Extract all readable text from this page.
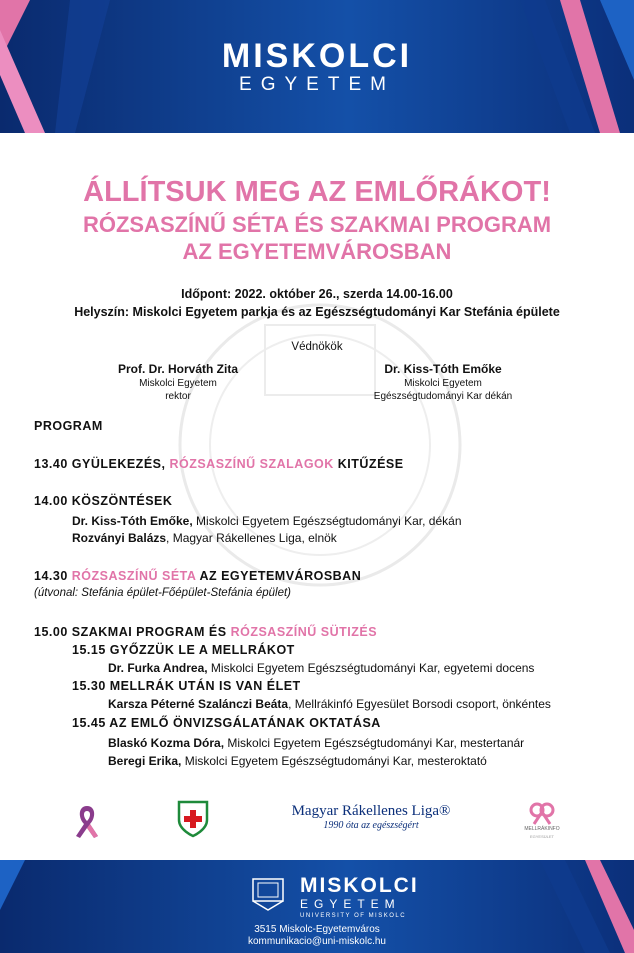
MISKOLCI
EGYETEM
ÁLLÍTSUK MEG AZ EMLŐRÁKOT!
RÓZSASZÍNŰ SÉTA ÉS SZAKMAI PROGRAM
AZ EGYETEMVÁROSBAN
Időpont: 2022. október 26., szerda 14.00-16.00
Helyszín: Miskolci Egyetem parkja és az Egészségtudományi Kar Stefánia épülete
Védnökök
Prof. Dr. Horváth Zita
Miskolci Egyetem
rektor
Dr. Kiss-Tóth Emőke
Miskolci Egyetem
Egészségtudományi Kar dékán
PROGRAM
13.40 GYÜLEKEZÉS, RÓZSASZÍNŰ SZALAGOK KITŰZÉSE
14.00 KÖSZÖNTÉSEK
Dr. Kiss-Tóth Emőke, Miskolci Egyetem Egészségtudományi Kar, dékán
Rozványi Balázs, Magyar Rákellenes Liga, elnök
14.30 RÓZSASZÍNŰ SÉTA AZ EGYETEMVÁROSBAN
(útvonal: Stefánia épület-Főépület-Stefánia épület)
15.00 SZAKMAI PROGRAM ÉS RÓZSASZÍNŰ SÜTIZÉS
15.15 GYŐZZÜK LE A MELLRÁKOT
Dr. Furka Andrea, Miskolci Egyetem Egészségtudományi Kar, egyetemi docens
15.30 MELLRÁK UTÁN IS VAN ÉLET
Karsza Péterné Szalánczi Beáta, Mellrákinfó Egyesület Borsodi csoport, önkéntes
15.45 AZ EMLŐ ÖNVIZSGÁLATÁNAK OKTATÁSA
Blaskó Kozma Dóra, Miskolci Egyetem Egészségtudományi Kar, mestertanár
Beregi Erika, Miskolci Egyetem Egészségtudományi Kar, mesteroktató
Magyar Rákellenes Liga®
1990 óta az egészségért	MELLRÁKINFO
EGYESÜLET
MISKOLCI
EGYETEM
UNIVERSITY OF MISKOLC
3515 Miskolc-Egyetemváros
kommunikacio@uni-miskolc.hu
